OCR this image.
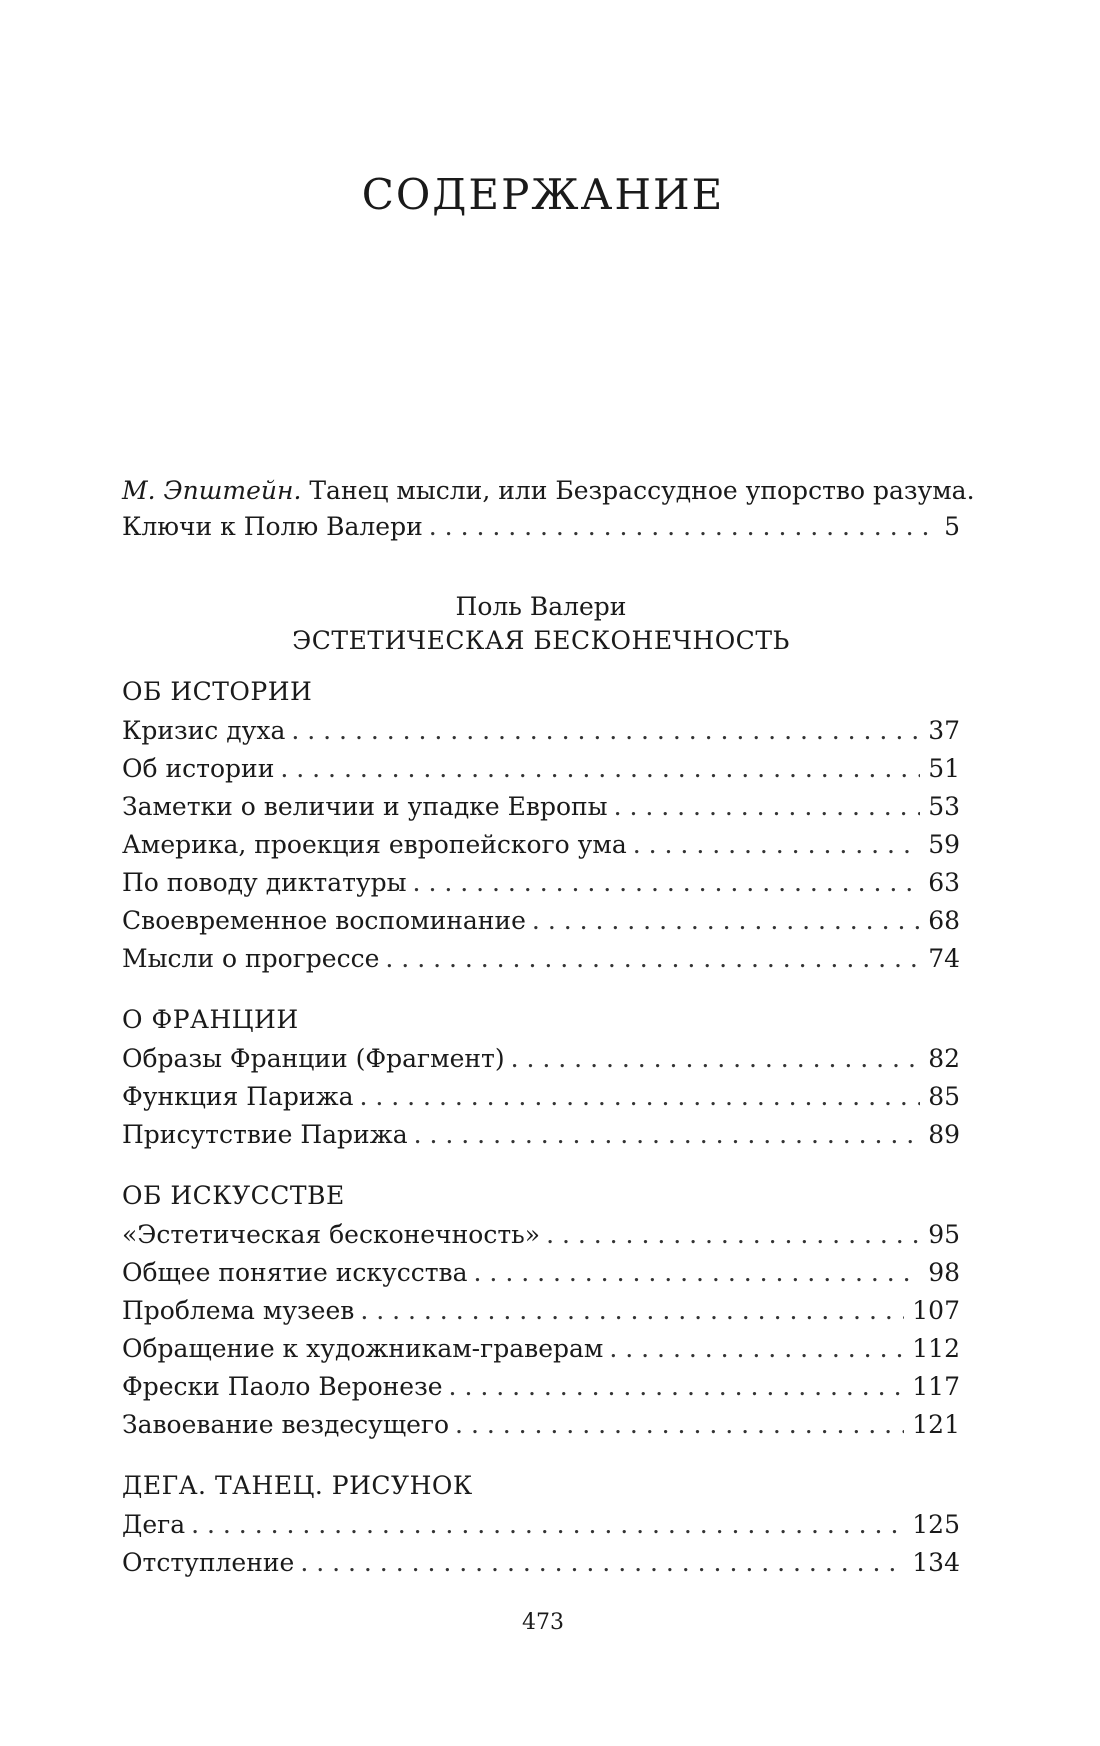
СОДЕРЖАНИЕ
М. Эпштейн. Танец мысли, или Безрассудное упорство разума.
Ключи к Полю Валери . . .	5
Поль Валери
ЭСТЕТИЧЕСКАЯ БЕСКОНЕЧНОСТЬ
ОБ ИСТОРИИ
Кризис духа . . .	37
Об истории . . .	51
Заметки о величии и упадке Европы . . .	53
Америка, проекция европейского ума . . .	59
По поводу диктатуры . . .	63
Своевременное воспоминание . . .	68
Мысли о прогрессе . . .	74
О ФРАНЦИИ
Образы Франции (Фрагмент) . . .	82
Функция Парижа . . .	85
Присутствие Парижа . . .	89
ОБ ИСКУССТВЕ
«Эстетическая бесконечность» . . .	95
Общее понятие искусства . . .	98
Проблема музеев . . .	107
Обращение к художникам-граверам . . .	112
Фрески Паоло Веронезе . . .	117
Завоевание вездесущего . . .	121
ДЕГА. ТАНЕЦ. РИСУНОК
Дега . . .	125
Отступление . . .	134
473
